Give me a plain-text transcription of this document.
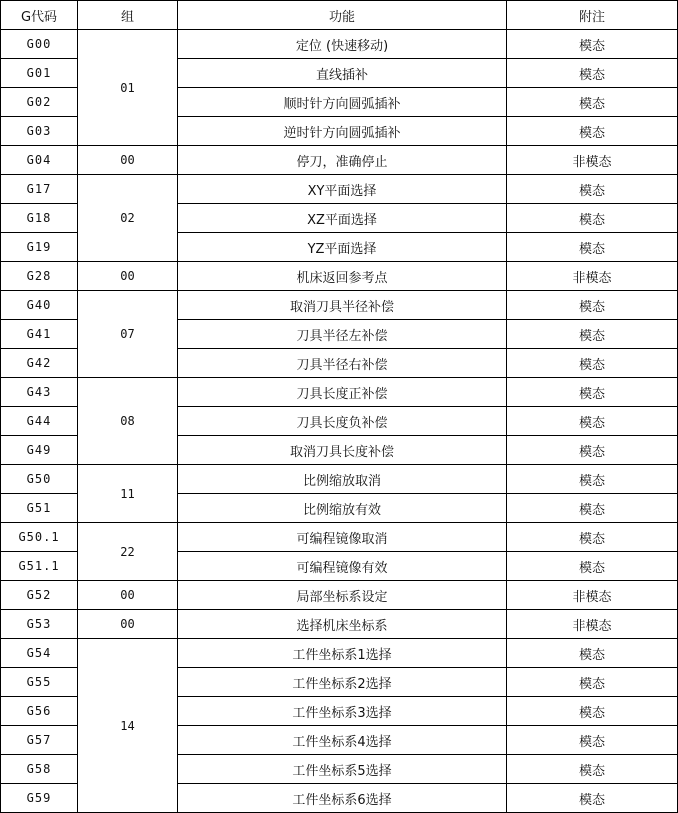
G代码	组	功能	附注
G00	01	定位 (快速移动)	模态
G01		直线插补	模态
G02		顺时针方向圆弧插补	模态
G03		逆时针方向圆弧插补	模态
G04	00	停刀，准确停止	非模态
G17	02	XY平面选择	模态
G18		XZ平面选择	模态
G19		YZ平面选择	模态
G28	00	机床返回参考点	非模态
G40	07	取消刀具半径补偿	模态
G41		刀具半径左补偿	模态
G42		刀具半径右补偿	模态
G43	08	刀具长度正补偿	模态
G44		刀具长度负补偿	模态
G49		取消刀具长度补偿	模态
G50	11	比例缩放取消	模态
G51		比例缩放有效	模态
G50.1	22	可编程镜像取消	模态
G51.1		可编程镜像有效	模态
G52	00	局部坐标系设定	非模态
G53	00	选择机床坐标系	非模态
G54	14	工件坐标系1选择	模态
G55		工件坐标系2选择	模态
G56		工件坐标系3选择	模态
G57		工件坐标系4选择	模态
G58		工件坐标系5选择	模态
G59		工件坐标系6选择	模态
